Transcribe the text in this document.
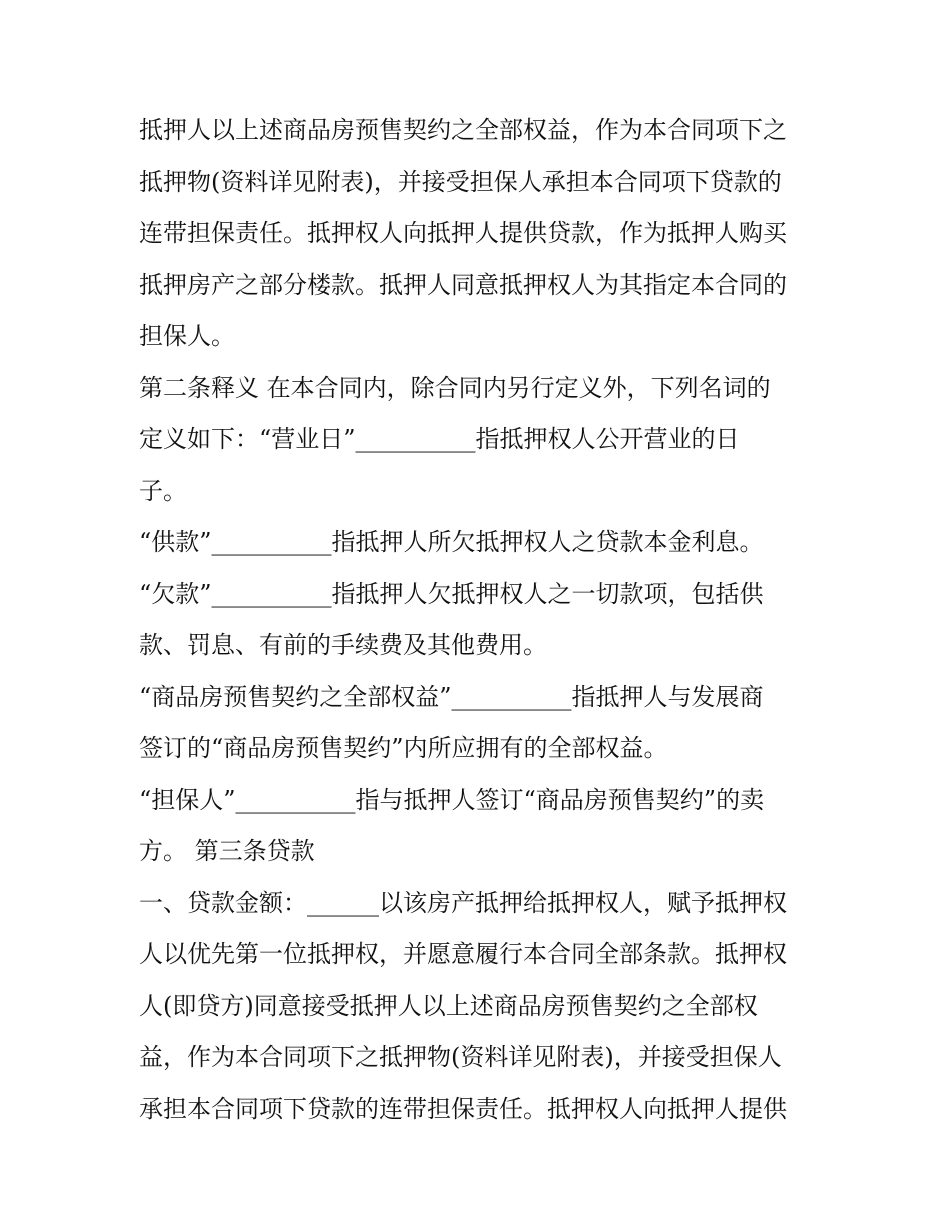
抵押人以上述商品房预售契约之全部权益，作为本合同项下之
抵押物(资料详见附表)，并接受担保人承担本合同项下贷款的
连带担保责任。抵押权人向抵押人提供贷款，作为抵押人购买
抵押房产之部分楼款。抵押人同意抵押权人为其指定本合同的
担保人。
第二条释义 在本合同内，除合同内另行定义外，下列名词的
定义如下：“营业日”__________指抵押权人公开营业的日
子。
“供款”__________指抵押人所欠抵押权人之贷款本金利息。
“欠款”__________指抵押人欠抵押权人之一切款项，包括供
款、罚息、有前的手续费及其他费用。
“商品房预售契约之全部权益”__________指抵押人与发展商
签订的“商品房预售契约”内所应拥有的全部权益。
“担保人”__________指与抵押人签订“商品房预售契约”的卖
方。 第三条贷款
一、贷款金额：______以该房产抵押给抵押权人，赋予抵押权
人以优先第一位抵押权，并愿意履行本合同全部条款。抵押权
人(即贷方)同意接受抵押人以上述商品房预售契约之全部权
益，作为本合同项下之抵押物(资料详见附表)，并接受担保人
承担本合同项下贷款的连带担保责任。抵押权人向抵押人提供
